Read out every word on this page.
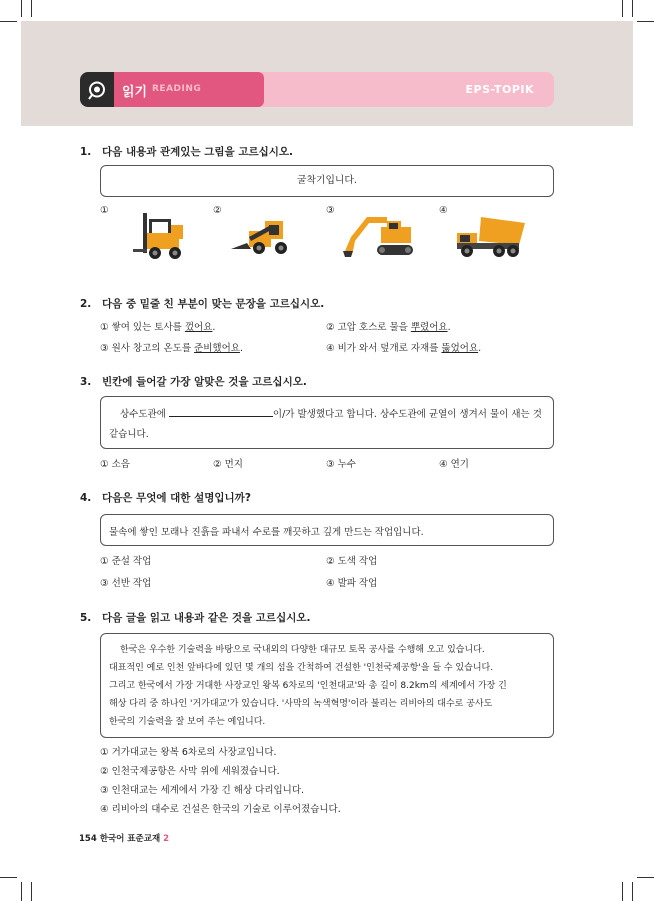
읽기 READING	EPS-TOPIK
1. 다음 내용과 관계있는 그림을 고르십시오.
굴착기입니다.
①	②	③	④
2. 다음 중 밑줄 친 부분이 맞는 문장을 고르십시오.
① 쌓여 있는 토사를 껐어요.	② 고압 호스로 물을 뿌렸어요.
③ 원사 창고의 온도를 준비했어요.	④ 비가 와서 덮개로 자재를 뚫었어요.
3. 빈칸에 들어갈 가장 알맞은 것을 고르십시오.
상수도관에	이/가 발생했다고 합니다. 상수도관에 균열이 생겨서 물이 새는 것
같습니다.
① 소음	② 먼지	③ 누수	④ 연기
4. 다음은 무엇에 대한 설명입니까?
물속에 쌓인 모래나 진흙을 파내서 수로를 깨끗하고 깊게 만드는 작업입니다.
① 준설 작업	② 도색 작업
③ 선반 작업	④ 발파 작업
5. 다음 글을 읽고 내용과 같은 것을 고르십시오.
한국은 우수한 기술력을 바탕으로 국내외의 다양한 대규모 토목 공사를 수행해 오고 있습니다.
대표적인 예로 인천 앞바다에 있던 몇 개의 섬을 간척하여 건설한 '인천국제공항'을 들 수 있습니다.
그리고 한국에서 가장 거대한 사장교인 왕복 6차로의 '인천대교'와 총 길이 8.2km의 세계에서 가장 긴
해상 다리 중 하나인 '거가대교'가 있습니다. '사막의 녹색혁명'이라 불리는 리비아의 대수로 공사도
한국의 기술력을 잘 보여 주는 예입니다.
① 거가대교는 왕복 6차로의 사장교입니다.
② 인천국제공항은 사막 위에 세워졌습니다.
③ 인천대교는 세계에서 가장 긴 해상 다리입니다.
④ 리비아의 대수로 건설은 한국의 기술로 이루어졌습니다.
154 한국어 표준교재 2
